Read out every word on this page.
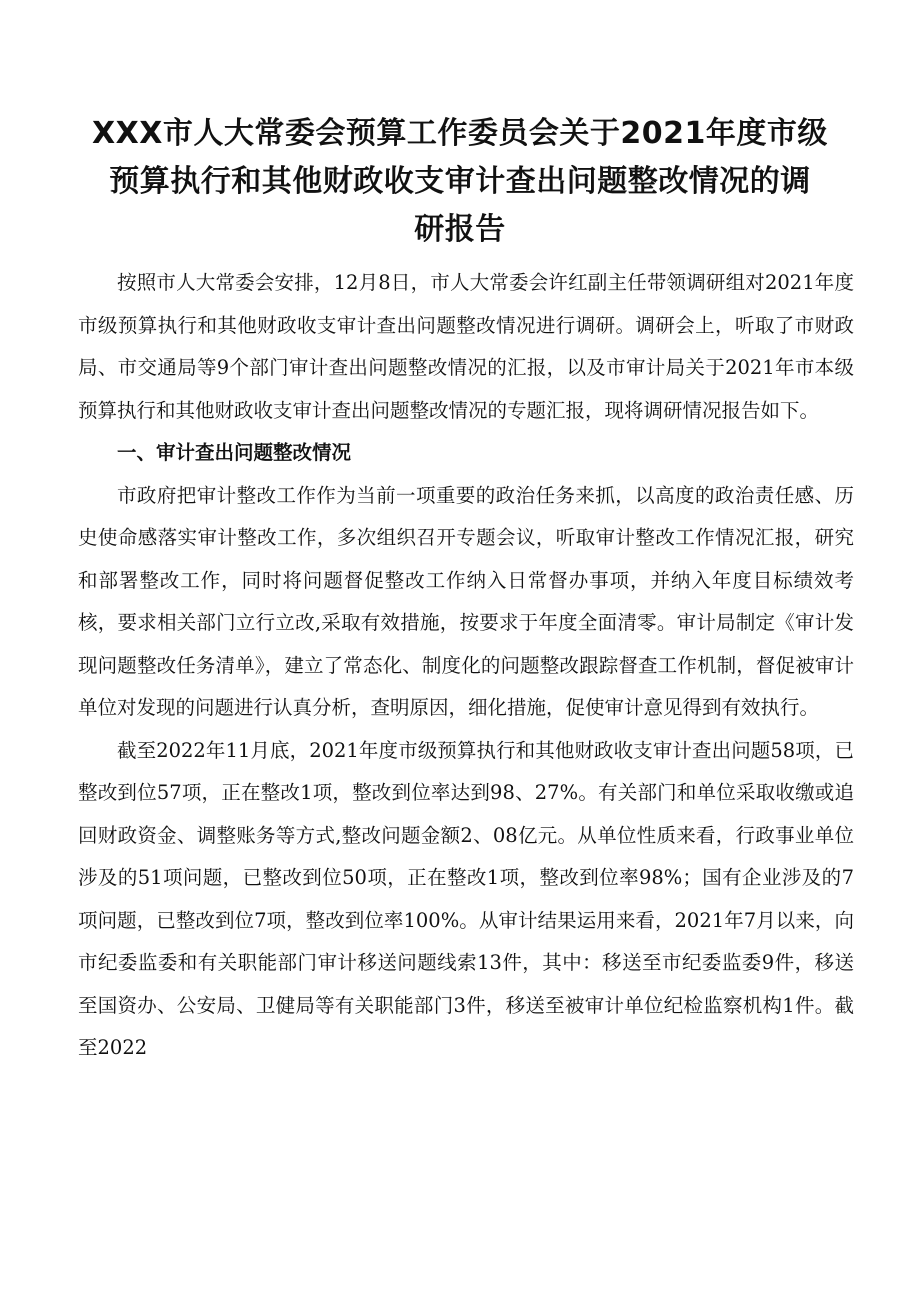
XXX市人大常委会预算工作委员会关于2021年度市级
预算执行和其他财政收支审计查出问题整改情况的调
研报告

按照市人大常委会安排，12月8日，市人大常委会许红副主任带领调研组对2021年度市级预算执行和其他财政收支审计查出问题整改情况进行调研。调研会上，听取了市财政局、市交通局等9个部门审计查出问题整改情况的汇报，以及市审计局关于2021年市本级预算执行和其他财政收支审计查出问题整改情况的专题汇报，现将调研情况报告如下。

一、审计查出问题整改情况

市政府把审计整改工作作为当前一项重要的政治任务来抓，以高度的政治责任感、历史使命感落实审计整改工作，多次组织召开专题会议，听取审计整改工作情况汇报，研究和部署整改工作，同时将问题督促整改工作纳入日常督办事项，并纳入年度目标绩效考核，要求相关部门立行立改,采取有效措施，按要求于年度全面清零。审计局制定《审计发现问题整改任务清单》，建立了常态化、制度化的问题整改跟踪督查工作机制，督促被审计单位对发现的问题进行认真分析，查明原因，细化措施，促使审计意见得到有效执行。

截至2022年11月底，2021年度市级预算执行和其他财政收支审计查出问题58项，已整改到位57项，正在整改1项，整改到位率达到98、27%。有关部门和单位采取收缴或追回财政资金、调整账务等方式,整改问题金额2、08亿元。从单位性质来看，行政事业单位涉及的51项问题，已整改到位50项，正在整改1项，整改到位率98%；国有企业涉及的7项问题，已整改到位7项，整改到位率100%。从审计结果运用来看，2021年7月以来，向市纪委监委和有关职能部门审计移送问题线索13件，其中：移送至市纪委监委9件，移送至国资办、公安局、卫健局等有关职能部门3件，移送至被审计单位纪检监察机构1件。截至2022
